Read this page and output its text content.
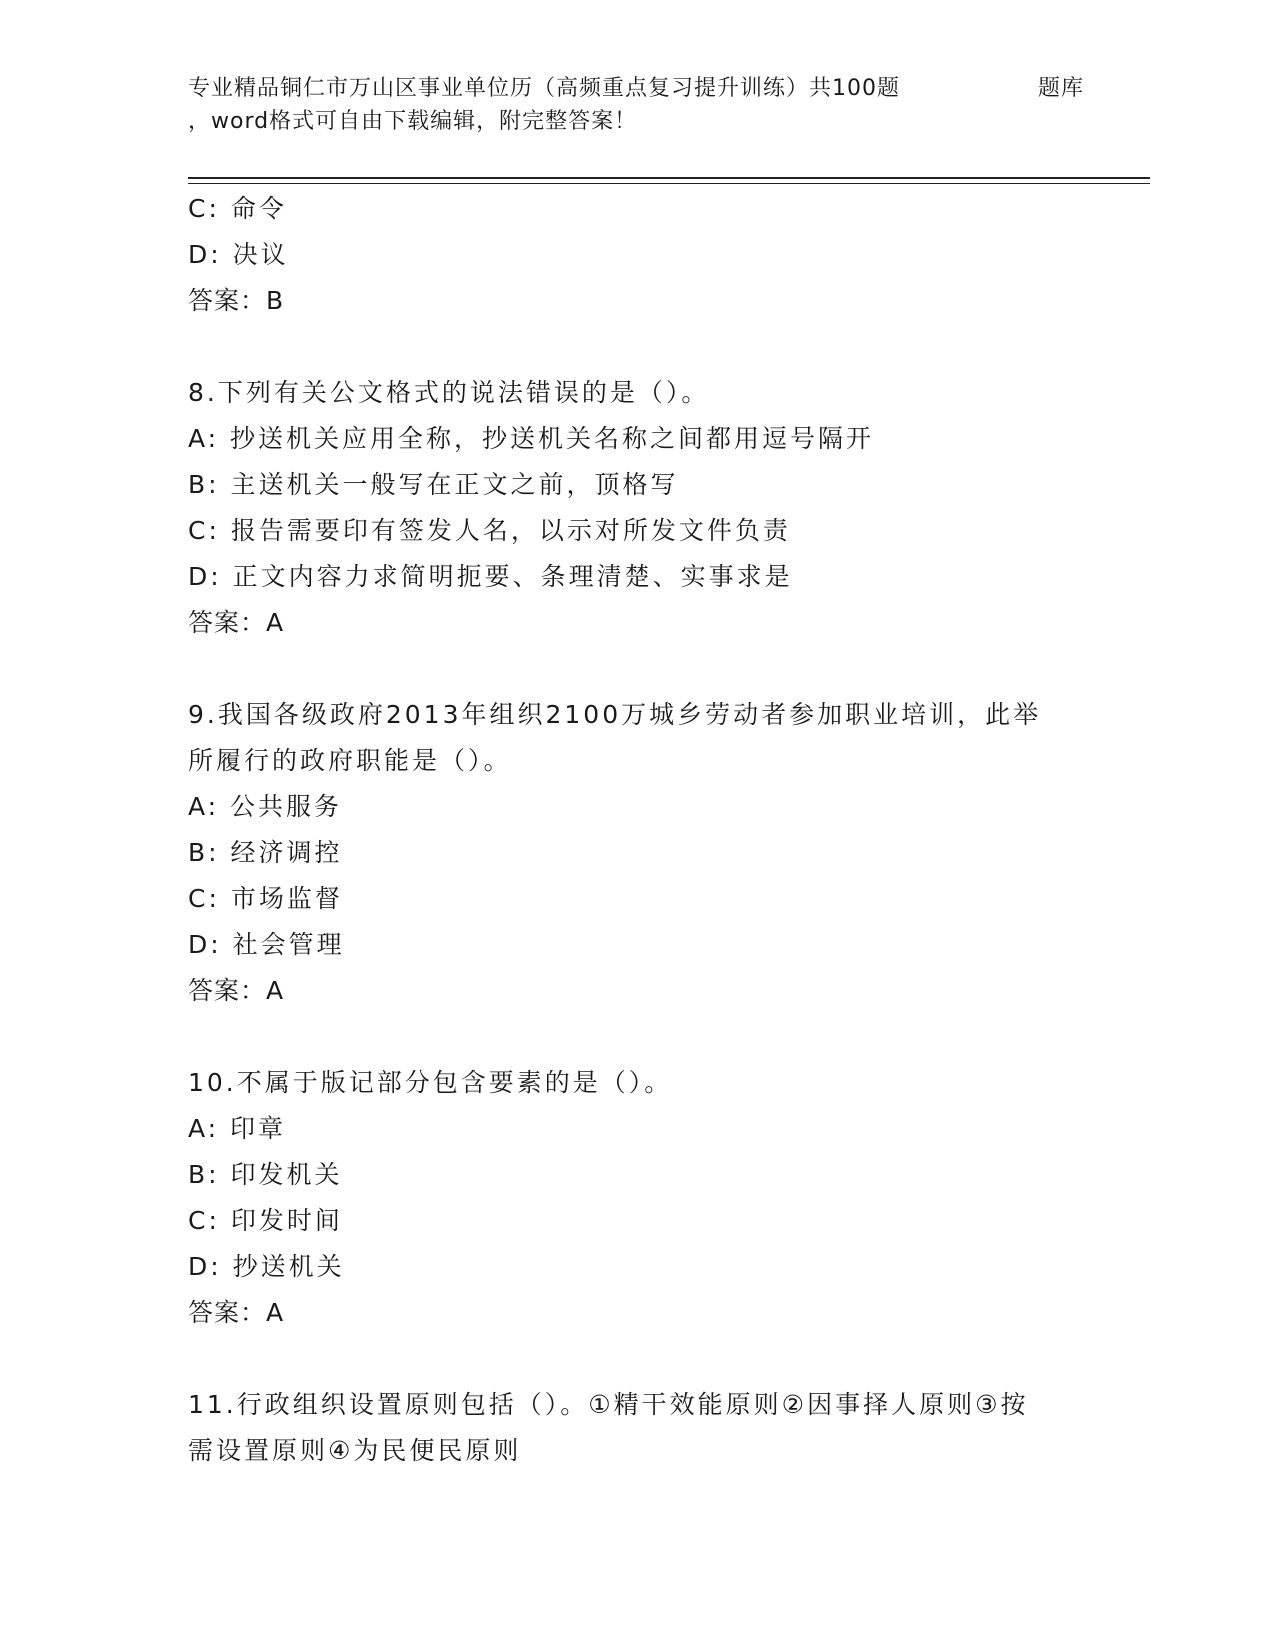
专业精品铜仁市万山区事业单位历（高频重点复习提升训练）共100题	题库
，word格式可自由下载编辑，附完整答案！
C: 命令
D: 决议
答案：B
8.下列有关公文格式的说法错误的是（）。
A: 抄送机关应用全称，抄送机关名称之间都用逗号隔开
B: 主送机关一般写在正文之前，顶格写
C: 报告需要印有签发人名，以示对所发文件负责
D: 正文内容力求简明扼要、条理清楚、实事求是
答案：A
9.我国各级政府2013年组织2100万城乡劳动者参加职业培训，此举
所履行的政府职能是（）。
A: 公共服务
B: 经济调控
C: 市场监督
D: 社会管理
答案：A
10.不属于版记部分包含要素的是（）。
A: 印章
B: 印发机关
C: 印发时间
D: 抄送机关
答案：A
11.行政组织设置原则包括（）。①精干效能原则②因事择人原则③按
需设置原则④为民便民原则
